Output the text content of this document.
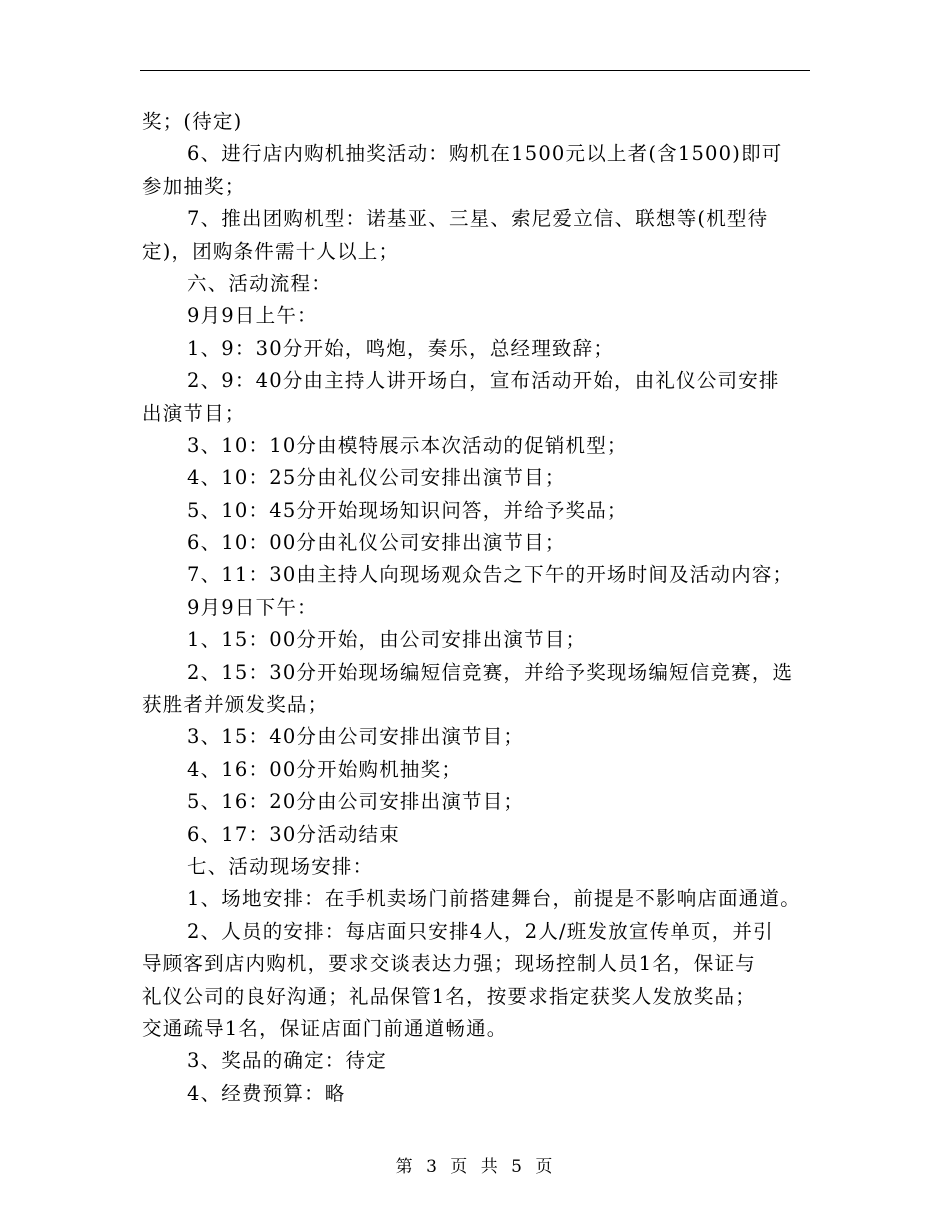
奖；(待定)
6、进行店内购机抽奖活动：购机在1500元以上者(含1500)即可
参加抽奖；
7、推出团购机型：诺基亚、三星、索尼爱立信、联想等(机型待
定)，团购条件需十人以上；
六、活动流程：
9月9日上午：
1、9：30分开始，鸣炮，奏乐，总经理致辞；
2、9：40分由主持人讲开场白，宣布活动开始，由礼仪公司安排
出演节目；
3、10：10分由模特展示本次活动的促销机型；
4、10：25分由礼仪公司安排出演节目；
5、10：45分开始现场知识问答，并给予奖品；
6、10：00分由礼仪公司安排出演节目；
7、11：30由主持人向现场观众告之下午的开场时间及活动内容；
9月9日下午：
1、15：00分开始，由公司安排出演节目；
2、15：30分开始现场编短信竞赛，并给予奖现场编短信竞赛，选
获胜者并颁发奖品；
3、15：40分由公司安排出演节目；
4、16：00分开始购机抽奖；
5、16：20分由公司安排出演节目；
6、17：30分活动结束
七、活动现场安排：
1、场地安排：在手机卖场门前搭建舞台，前提是不影响店面通道。
2、人员的安排：每店面只安排4人，2人/班发放宣传单页，并引
导顾客到店内购机，要求交谈表达力强；现场控制人员1名，保证与
礼仪公司的良好沟通；礼品保管1名，按要求指定获奖人发放奖品；
交通疏导1名，保证店面门前通道畅通。
3、奖品的确定：待定
4、经费预算：略
第 3 页 共 5 页
